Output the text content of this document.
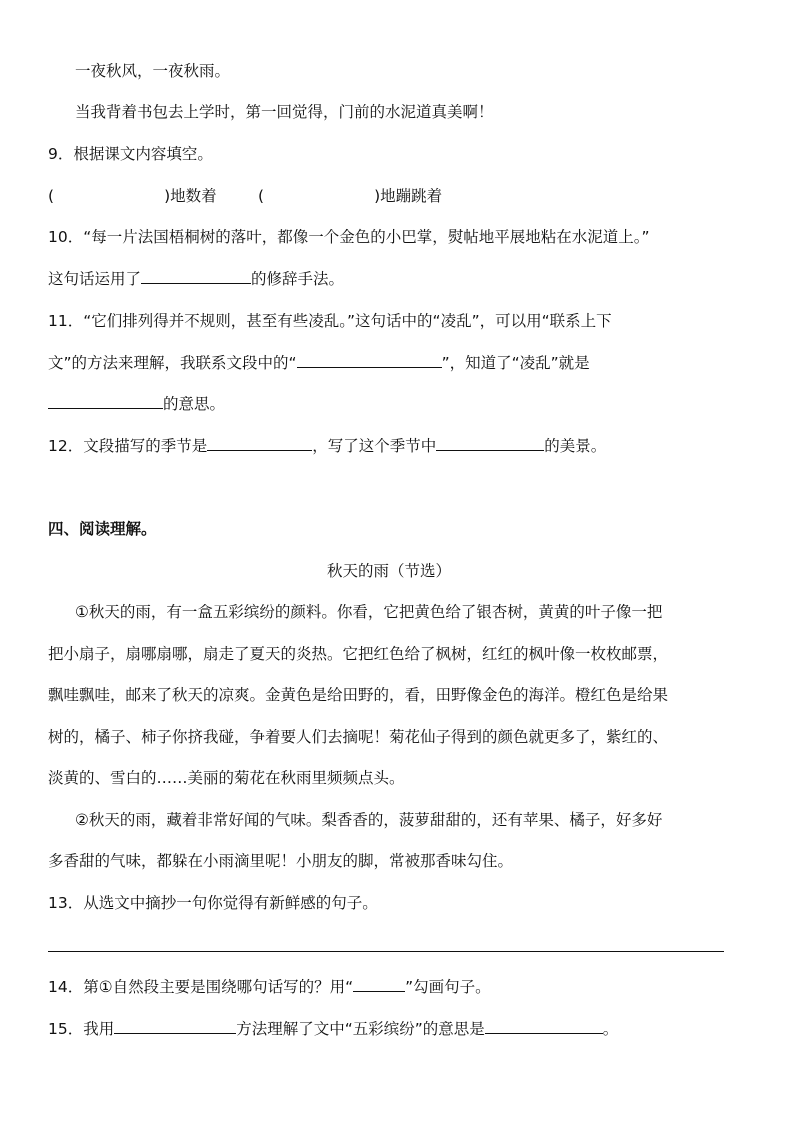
一夜秋风，一夜秋雨。
当我背着书包去上学时，第一回觉得，门前的水泥道真美啊！
9．根据课文内容填空。
(	)地数着	(	)地蹦跳着
10．“每一片法国梧桐树的落叶，都像一个金色的小巴掌，熨帖地平展地粘在水泥道上。”
这句话运用了	的修辞手法。
11．“它们排列得并不规则，甚至有些凌乱。”这句话中的“凌乱”，可以用“联系上下
文”的方法来理解，我联系文段中的“	”，知道了“凌乱”就是
的意思。
12．文段描写的季节是	，写了这个季节中	的美景。
四、阅读理解。
秋天的雨（节选）
①秋天的雨，有一盒五彩缤纷的颜料。你看，它把黄色给了银杏树，黄黄的叶子像一把
把小扇子，扇哪扇哪，扇走了夏天的炎热。它把红色给了枫树，红红的枫叶像一枚枚邮票，
飘哇飘哇，邮来了秋天的凉爽。金黄色是给田野的，看，田野像金色的海洋。橙红色是给果
树的，橘子、柿子你挤我碰，争着要人们去摘呢！菊花仙子得到的颜色就更多了，紫红的、
淡黄的、雪白的……美丽的菊花在秋雨里频频点头。
②秋天的雨，藏着非常好闻的气味。梨香香的，菠萝甜甜的，还有苹果、橘子，好多好
多香甜的气味，都躲在小雨滴里呢！小朋友的脚，常被那香味勾住。
13．从选文中摘抄一句你觉得有新鲜感的句子。
14．第①自然段主要是围绕哪句话写的？用“	”勾画句子。
15．我用	方法理解了文中“五彩缤纷”的意思是	。
